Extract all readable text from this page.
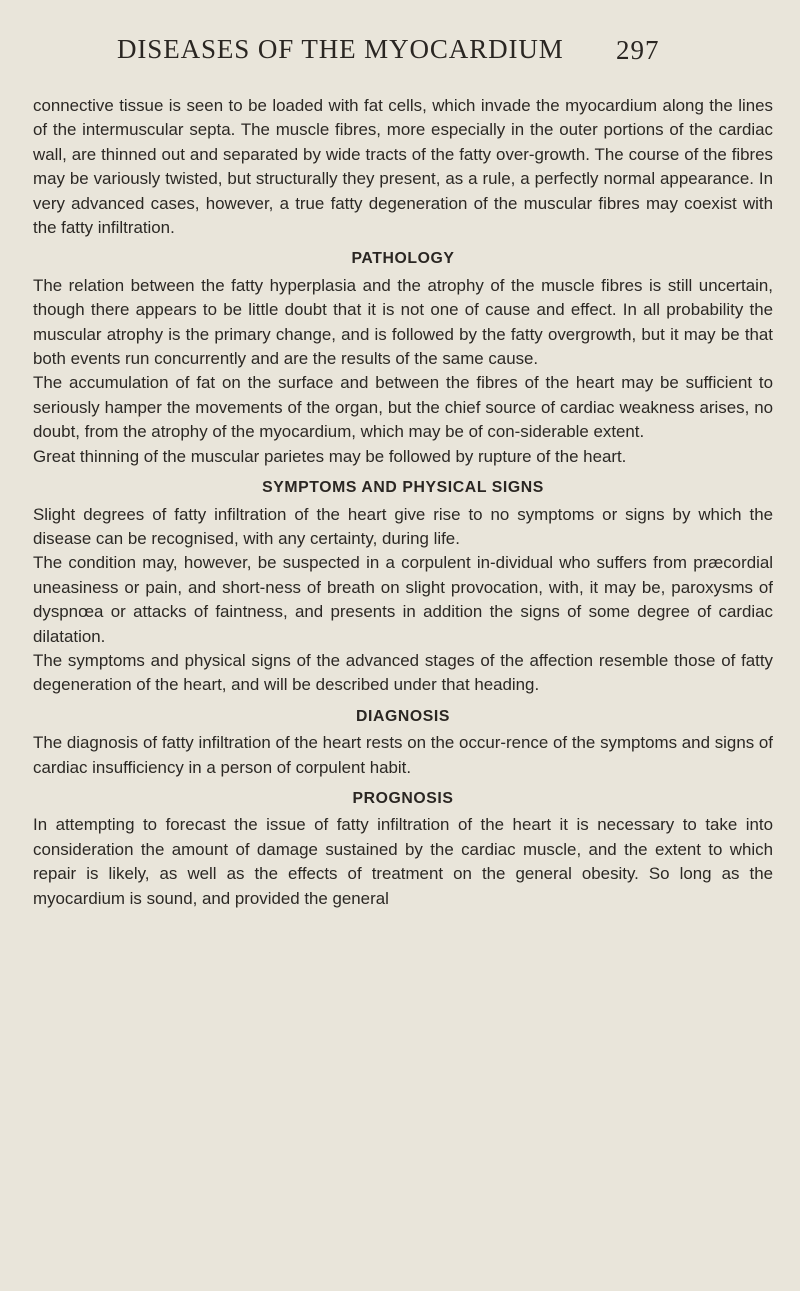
DISEASES OF THE MYOCARDIUM 297

connective tissue is seen to be loaded with fat cells, which invade the myocardium along the lines of the intermuscular septa. The muscle fibres, more especially in the outer portions of the cardiac wall, are thinned out and separated by wide tracts of the fatty over-growth. The course of the fibres may be variously twisted, but structurally they present, as a rule, a perfectly normal appearance. In very advanced cases, however, a true fatty degeneration of the muscular fibres may coexist with the fatty infiltration.

PATHOLOGY

The relation between the fatty hyperplasia and the atrophy of the muscle fibres is still uncertain, though there appears to be little doubt that it is not one of cause and effect. In all probability the muscular atrophy is the primary change, and is followed by the fatty overgrowth, but it may be that both events run concurrently and are the results of the same cause.

The accumulation of fat on the surface and between the fibres of the heart may be sufficient to seriously hamper the movements of the organ, but the chief source of cardiac weakness arises, no doubt, from the atrophy of the myocardium, which may be of con-siderable extent.

Great thinning of the muscular parietes may be followed by rupture of the heart.

SYMPTOMS AND PHYSICAL SIGNS

Slight degrees of fatty infiltration of the heart give rise to no symptoms or signs by which the disease can be recognised, with any certainty, during life.

The condition may, however, be suspected in a corpulent in-dividual who suffers from præcordial uneasiness or pain, and short-ness of breath on slight provocation, with, it may be, paroxysms of dyspnœa or attacks of faintness, and presents in addition the signs of some degree of cardiac dilatation.

The symptoms and physical signs of the advanced stages of the affection resemble those of fatty degeneration of the heart, and will be described under that heading.

DIAGNOSIS

The diagnosis of fatty infiltration of the heart rests on the occur-rence of the symptoms and signs of cardiac insufficiency in a person of corpulent habit.

PROGNOSIS

In attempting to forecast the issue of fatty infiltration of the heart it is necessary to take into consideration the amount of damage sustained by the cardiac muscle, and the extent to which repair is likely, as well as the effects of treatment on the general obesity. So long as the myocardium is sound, and provided the general
